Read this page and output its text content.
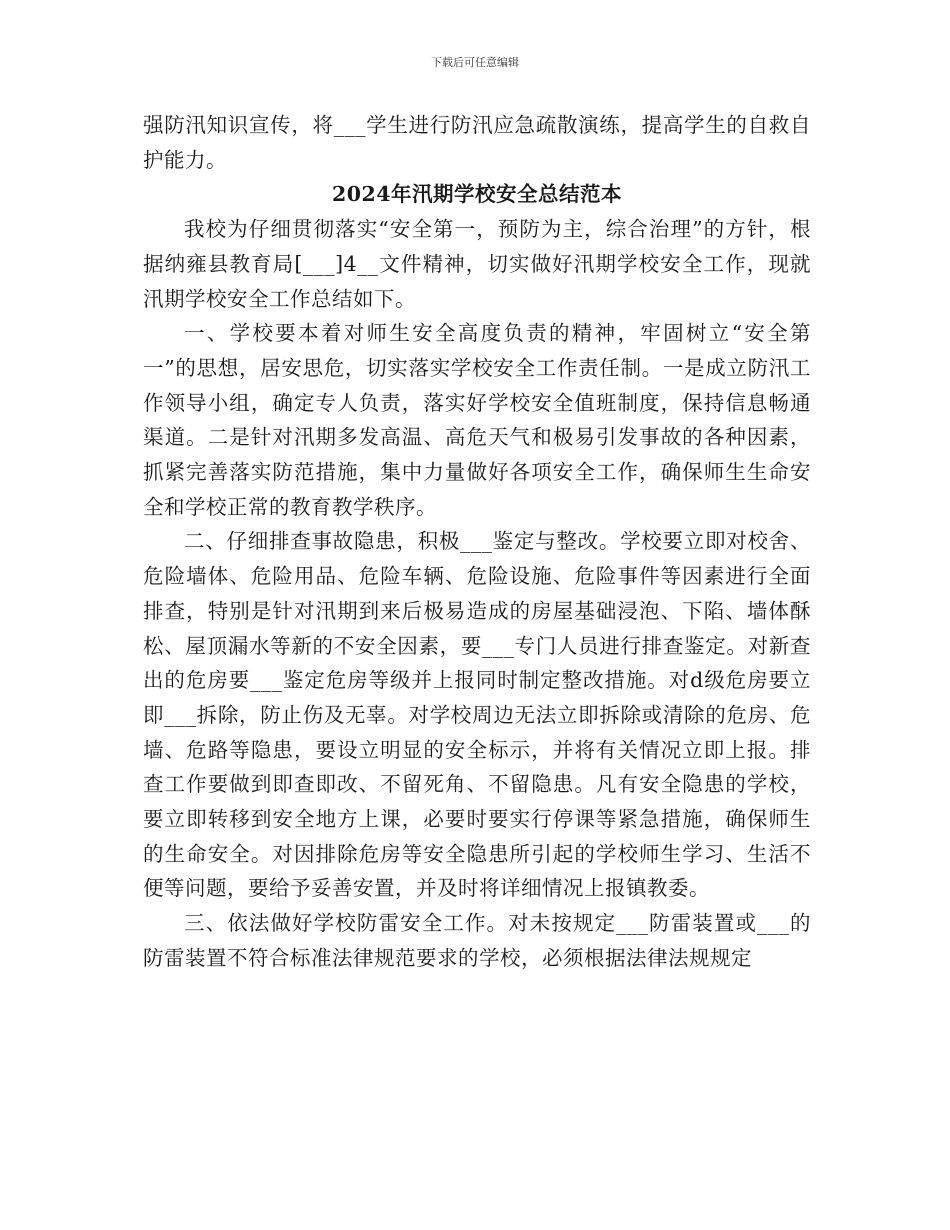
下载后可任意编辑

强防汛知识宣传，将___学生进行防汛应急疏散演练，提高学生的自救自护能力。

2024年汛期学校安全总结范本

我校为仔细贯彻落实“安全第一，预防为主，综合治理”的方针，根据纳雍县教育局[___]4__文件精神，切实做好汛期学校安全工作，现就汛期学校安全工作总结如下。

一、学校要本着对师生安全高度负责的精神，牢固树立“安全第一”的思想，居安思危，切实落实学校安全工作责任制。一是成立防汛工作领导小组，确定专人负责，落实好学校安全值班制度，保持信息畅通渠道。二是针对汛期多发高温、高危天气和极易引发事故的各种因素，抓紧完善落实防范措施，集中力量做好各项安全工作，确保师生生命安全和学校正常的教育教学秩序。

二、仔细排查事故隐患，积极___鉴定与整改。学校要立即对校舍、危险墙体、危险用品、危险车辆、危险设施、危险事件等因素进行全面排查，特别是针对汛期到来后极易造成的房屋基础浸泡、下陷、墙体酥松、屋顶漏水等新的不安全因素，要___专门人员进行排查鉴定。对新查出的危房要___鉴定危房等级并上报同时制定整改措施。对d级危房要立即___拆除，防止伤及无辜。对学校周边无法立即拆除或清除的危房、危墙、危路等隐患，要设立明显的安全标示，并将有关情况立即上报。排查工作要做到即查即改、不留死角、不留隐患。凡有安全隐患的学校，要立即转移到安全地方上课，必要时要实行停课等紧急措施，确保师生的生命安全。对因排除危房等安全隐患所引起的学校师生学习、生活不便等问题，要给予妥善安置，并及时将详细情况上报镇教委。

三、依法做好学校防雷安全工作。对未按规定___防雷装置或___的防雷装置不符合标准法律规范要求的学校，必须根据法律法规规定
